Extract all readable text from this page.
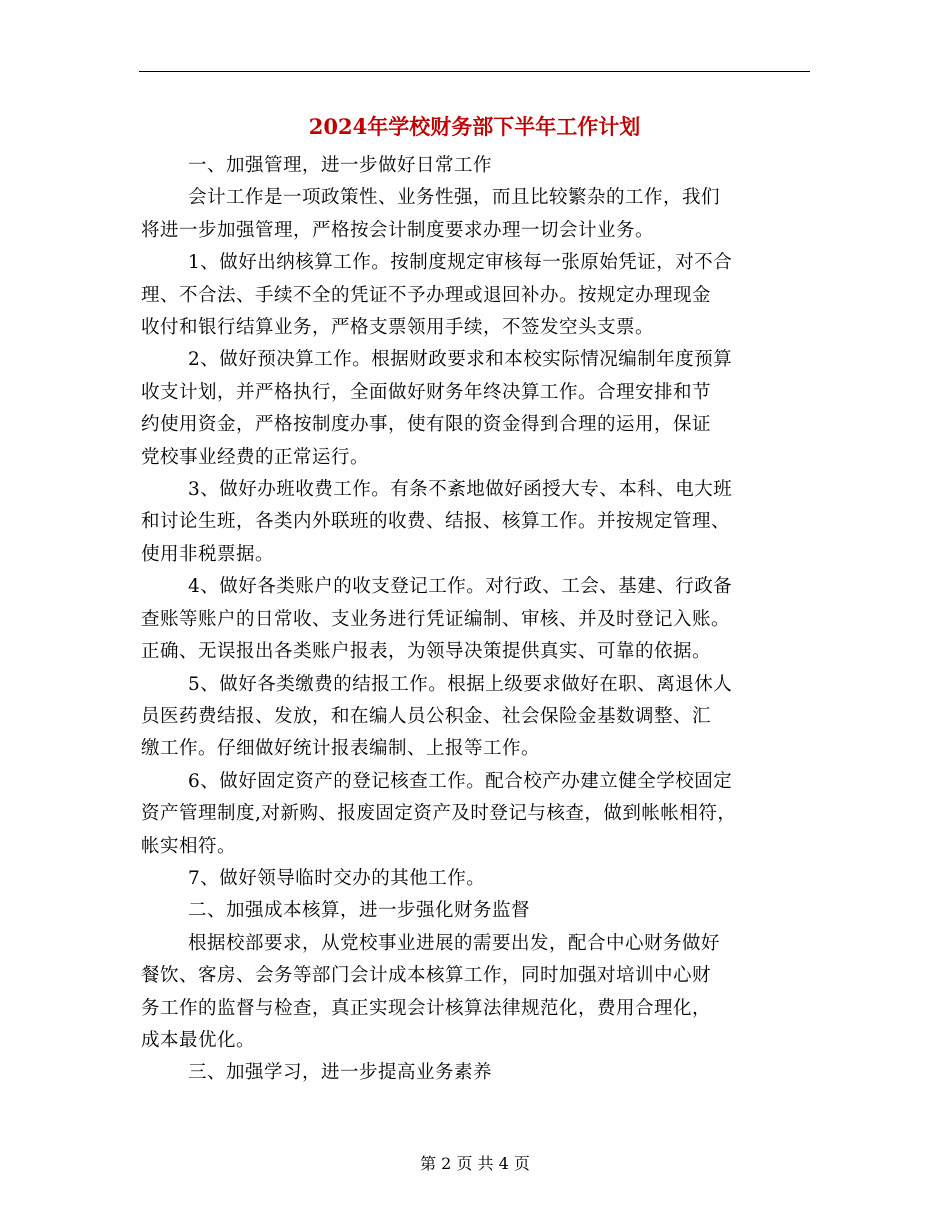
2024年学校财务部下半年工作计划
一、加强管理，进一步做好日常工作
会计工作是一项政策性、业务性强，而且比较繁杂的工作，我们
将进一步加强管理，严格按会计制度要求办理一切会计业务。
1、做好出纳核算工作。按制度规定审核每一张原始凭证，对不合
理、不合法、手续不全的凭证不予办理或退回补办。按规定办理现金
收付和银行结算业务，严格支票领用手续，不签发空头支票。
2、做好预决算工作。根据财政要求和本校实际情况编制年度预算
收支计划，并严格执行，全面做好财务年终决算工作。合理安排和节
约使用资金，严格按制度办事，使有限的资金得到合理的运用，保证
党校事业经费的正常运行。
3、做好办班收费工作。有条不紊地做好函授大专、本科、电大班
和讨论生班，各类内外联班的收费、结报、核算工作。并按规定管理、
使用非税票据。
4、做好各类账户的收支登记工作。对行政、工会、基建、行政备
查账等账户的日常收、支业务进行凭证编制、审核、并及时登记入账。
正确、无误报出各类账户报表，为领导决策提供真实、可靠的依据。
5、做好各类缴费的结报工作。根据上级要求做好在职、离退休人
员医药费结报、发放，和在编人员公积金、社会保险金基数调整、汇
缴工作。仔细做好统计报表编制、上报等工作。
6、做好固定资产的登记核查工作。配合校产办建立健全学校固定
资产管理制度,对新购、报废固定资产及时登记与核查，做到帐帐相符，
帐实相符。
7、做好领导临时交办的其他工作。
二、加强成本核算，进一步强化财务监督
根据校部要求，从党校事业进展的需要出发，配合中心财务做好
餐饮、客房、会务等部门会计成本核算工作，同时加强对培训中心财
务工作的监督与检查，真正实现会计核算法律规范化，费用合理化，
成本最优化。
三、加强学习，进一步提高业务素养
第 2 页 共 4 页
